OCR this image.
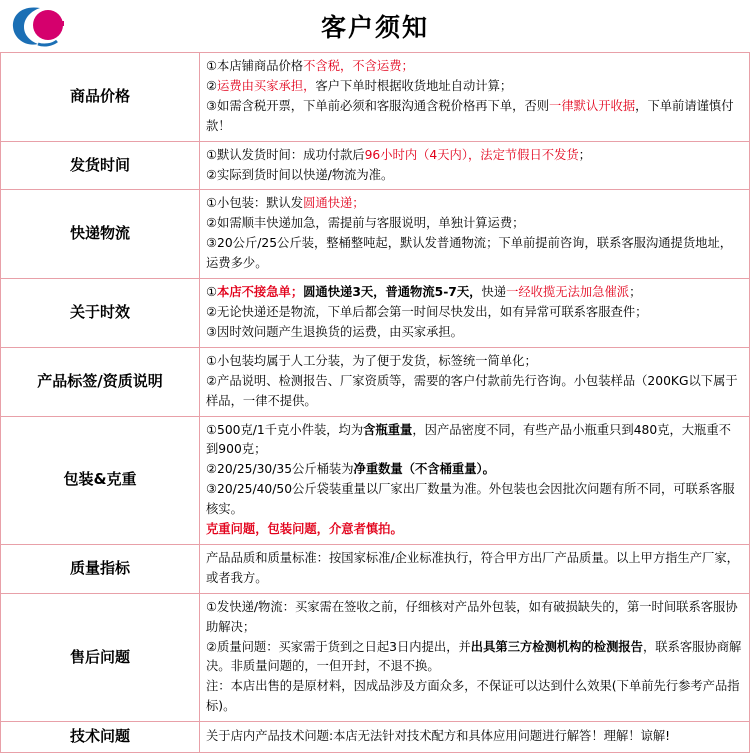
客户须知
商品价格	①本店铺商品价格不含税，不含运费；
②运费由买家承担，客户下单时根据收货地址自动计算；
③如需含税开票，下单前必须和客服沟通含税价格再下单，否则一律默认开收据，下单前请谨慎付款！

发货时间	①默认发货时间：成功付款后96小时内（4天内），法定节假日不发货；
②实际到货时间以快递/物流为准。

快递物流	①小包装：默认发圆通快递；
②如需顺丰快递加急，需提前与客服说明，单独计算运费；
③20公斤/25公斤装，整桶整吨起，默认发普通物流；下单前提前咨询，联系客服沟通提货地址，运费多少。

关于时效	①本店不接急单；圆通快递3天，普通物流5-7天，快递一经收揽无法加急催派；
②无论快递还是物流，下单后都会第一时间尽快发出，如有异常可联系客服查件；
③因时效问题产生退换货的运费，由买家承担。

产品标签/资质说明	①小包装均属于人工分装，为了便于发货，标签统一简单化；
②产品说明、检测报告、厂家资质等，需要的客户付款前先行咨询。小包装样品（200KG以下属于样品，一律不提供。

包装&克重	①500克/1千克小件装，均为含瓶重量，因产品密度不同，有些产品小瓶重只到480克，大瓶重不到900克；
②20/25/30/35公斤桶装为净重数量（不含桶重量）。
③20/25/40/50公斤袋装重量以厂家出厂数量为准。外包装也会因批次问题有所不同，可联系客服核实。
克重问题，包装问题，介意者慎拍。

质量指标	产品品质和质量标准：按国家标准/企业标准执行，符合甲方出厂产品质量。以上甲方指生产厂家，或者我方。

售后问题	①发快递/物流：买家需在签收之前，仔细核对产品外包装，如有破损缺失的，第一时间联系客服协助解决；
②质量问题：买家需于货到之日起3日内提出，并出具第三方检测机构的检测报告，联系客服协商解决。非质量问题的，一但开封，不退不换。
注：本店出售的是原材料，因成品涉及方面众多，不保证可以达到什么效果(下单前先行参考产品指标)。

技术问题	关于店内产品技术问题:本店无法针对技术配方和具体应用问题进行解答！理解！谅解!
